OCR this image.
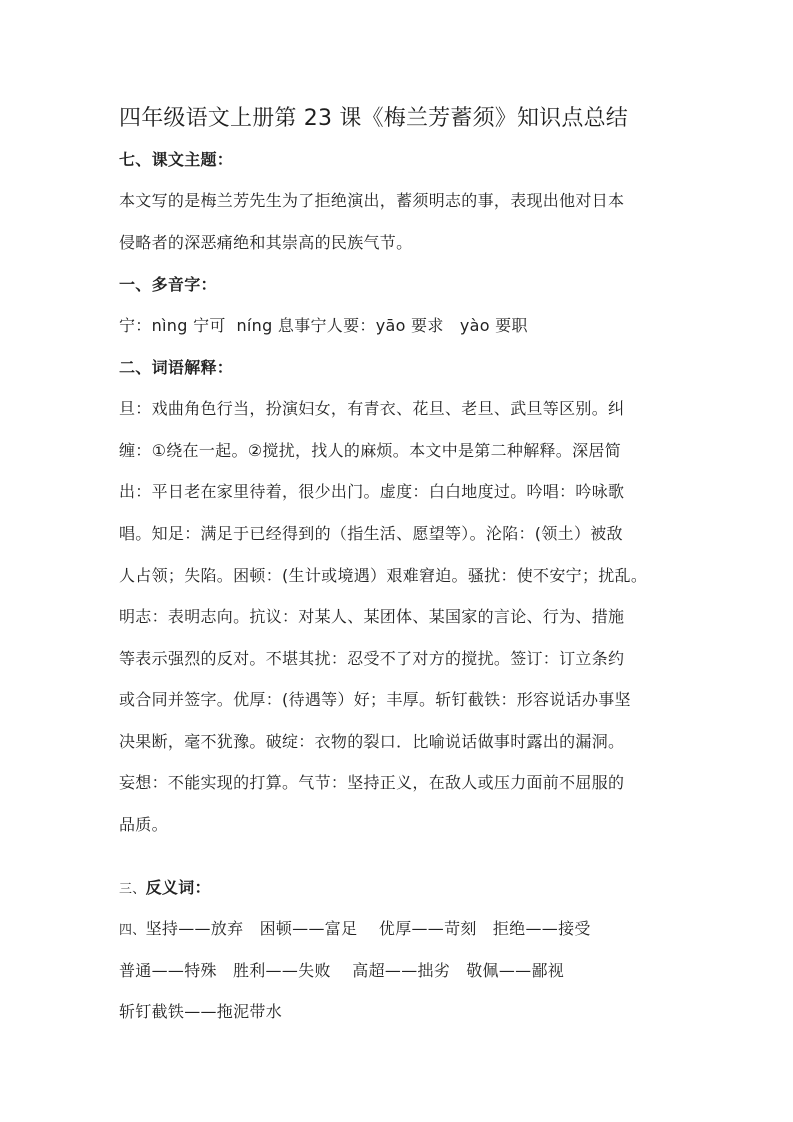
四年级语文上册第 23 课《梅兰芳蓄须》知识点总结
七、课文主题：
本文写的是梅兰芳先生为了拒绝演出，蓄须明志的事，表现出他对日本
侵略者的深恶痛绝和其崇高的民族气节。
一、多音字：
宁：nìng 宁可  níng 息事宁人要：yāo 要求   yào 要职
二、词语解释：
旦：戏曲角色行当，扮演妇女，有青衣、花旦、老旦、武旦等区别。纠
缠：①绕在一起。②搅扰，找人的麻烦。本文中是第二种解释。深居简
出：平日老在家里待着，很少出门。虚度：白白地度过。吟唱：吟咏歌
唱。知足：满足于已经得到的（指生活、愿望等）。沦陷：(领土）被敌
人占领；失陷。困顿：(生计或境遇）艰难窘迫。骚扰：使不安宁；扰乱。
明志：表明志向。抗议：对某人、某团体、某国家的言论、行为、措施
等表示强烈的反对。不堪其扰：忍受不了对方的搅扰。签订：订立条约
或合同并签字。优厚：(待遇等）好；丰厚。斩钉截铁：形容说话办事坚
决果断，毫不犹豫。破绽：衣物的裂口．比喻说话做事时露出的漏洞。
妄想：不能实现的打算。气节：坚持正义，在敌人或压力面前不屈服的
品质。
三、反义词：
四、坚持——放弃   困顿——富足    优厚——苛刻   拒绝——接受
普通——特殊   胜利——失败    高超——拙劣   敬佩——鄙视
斩钉截铁——拖泥带水
